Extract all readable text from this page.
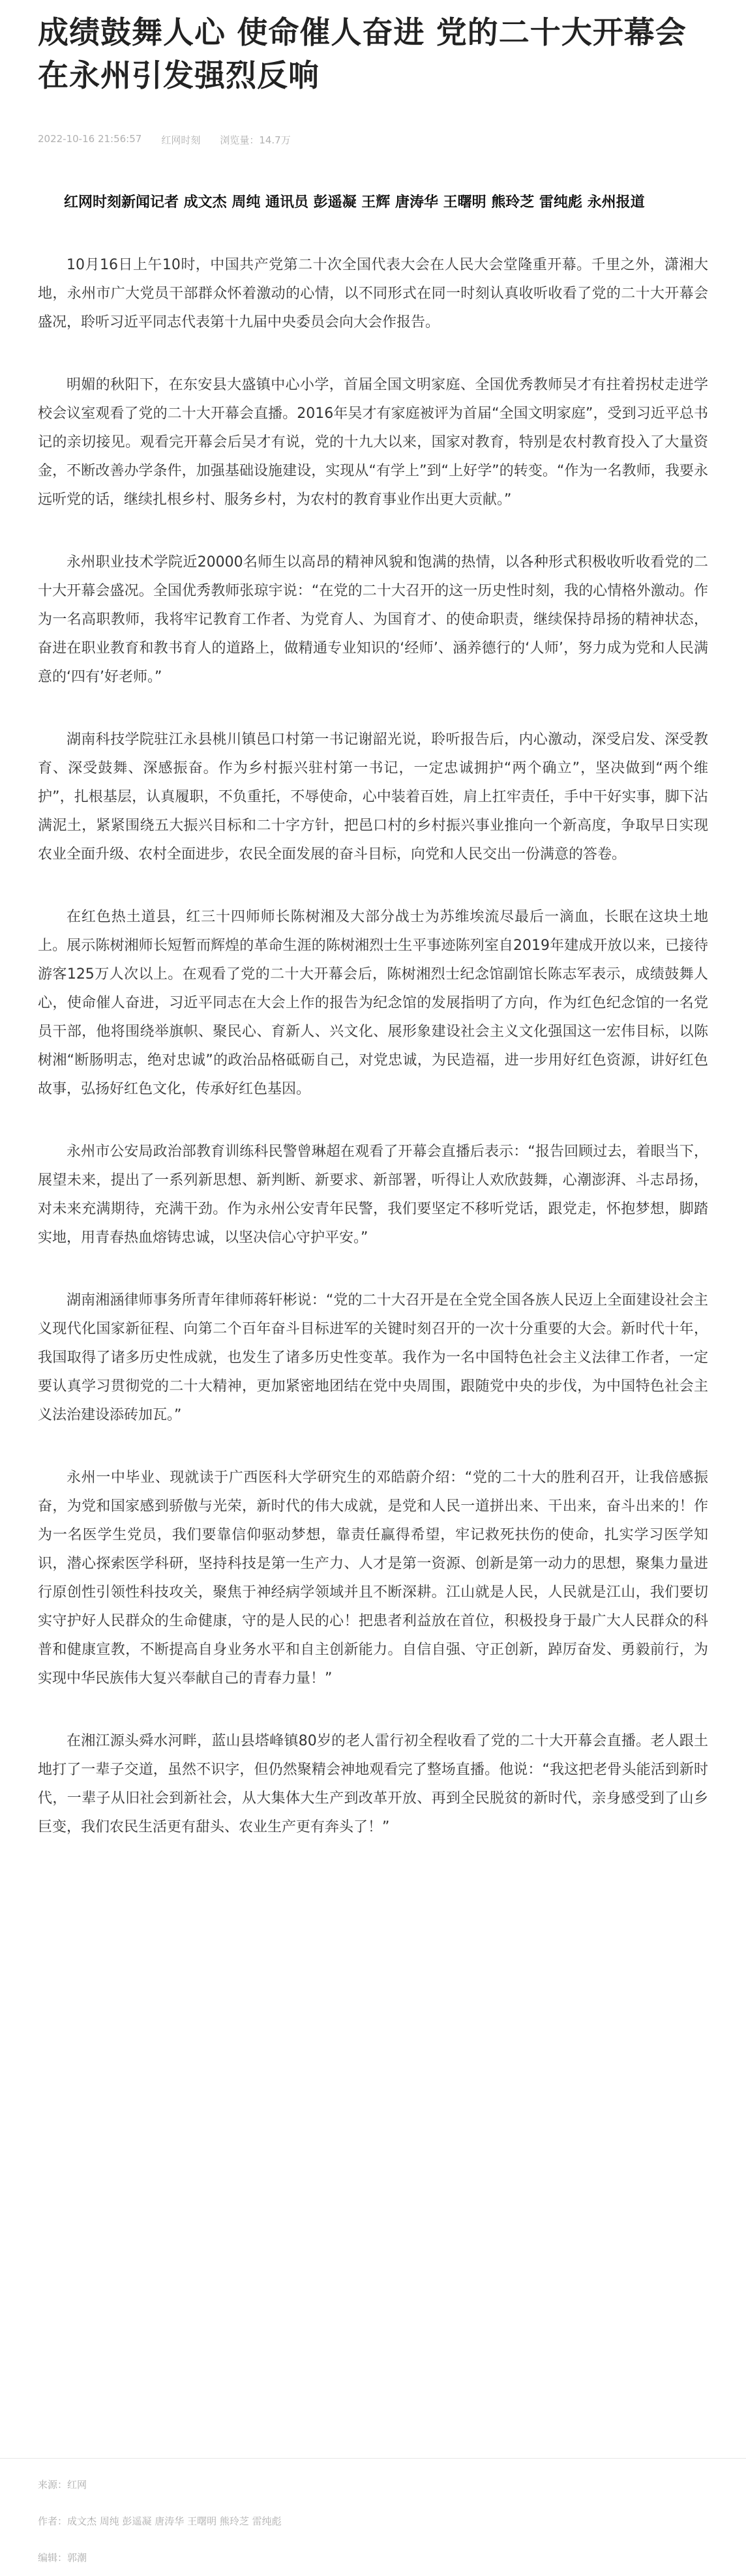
成绩鼓舞人心 使命催人奋进 党的二十大开幕会在永州引发强烈反响
2022-10-16 21:56:57 红网时刻 浏览量：14.7万
红网时刻新闻记者 成文杰 周纯 通讯员 彭遥凝 王辉 唐涛华 王曙明 熊玲芝 雷纯彪 永州报道

10月16日上午10时，中国共产党第二十次全国代表大会在人民大会堂隆重开幕。千里之外，潇湘大地，永州市广大党员干部群众怀着激动的心情，以不同形式在同一时刻认真收听收看了党的二十大开幕会盛况，聆听习近平同志代表第十九届中央委员会向大会作报告。

明媚的秋阳下，在东安县大盛镇中心小学，首届全国文明家庭、全国优秀教师吴才有拄着拐杖走进学校会议室观看了党的二十大开幕会直播。2016年吴才有家庭被评为首届“全国文明家庭”，受到习近平总书记的亲切接见。观看完开幕会后吴才有说，党的十九大以来，国家对教育，特别是农村教育投入了大量资金，不断改善办学条件，加强基础设施建设，实现从“有学上”到“上好学”的转变。“作为一名教师，我要永远听党的话，继续扎根乡村、服务乡村，为农村的教育事业作出更大贡献。”

永州职业技术学院近20000名师生以高昂的精神风貌和饱满的热情，以各种形式积极收听收看党的二十大开幕会盛况。全国优秀教师张琼宇说：“在党的二十大召开的这一历史性时刻，我的心情格外激动。作为一名高职教师，我将牢记教育工作者、为党育人、为国育才、的使命职责，继续保持昂扬的精神状态，奋进在职业教育和教书育人的道路上，做精通专业知识的‘经师’、涵养德行的‘人师’，努力成为党和人民满意的‘四有’好老师。”

湖南科技学院驻江永县桃川镇邑口村第一书记谢韶光说，聆听报告后，内心激动，深受启发、深受教育、深受鼓舞、深感振奋。作为乡村振兴驻村第一书记，一定忠诚拥护“两个确立”，坚决做到“两个维护”，扎根基层，认真履职，不负重托，不辱使命，心中装着百姓，肩上扛牢责任，手中干好实事，脚下沾满泥土，紧紧围绕五大振兴目标和二十字方针，把邑口村的乡村振兴事业推向一个新高度，争取早日实现农业全面升级、农村全面进步，农民全面发展的奋斗目标，向党和人民交出一份满意的答卷。

在红色热土道县，红三十四师师长陈树湘及大部分战士为苏维埃流尽最后一滴血，长眠在这块土地上。展示陈树湘师长短暂而辉煌的革命生涯的陈树湘烈士生平事迹陈列室自2019年建成开放以来，已接待游客125万人次以上。在观看了党的二十大开幕会后，陈树湘烈士纪念馆副馆长陈志军表示，成绩鼓舞人心，使命催人奋进，习近平同志在大会上作的报告为纪念馆的发展指明了方向，作为红色纪念馆的一名党员干部，他将围绕举旗帜、聚民心、育新人、兴文化、展形象建设社会主义文化强国这一宏伟目标，以陈树湘“断肠明志，绝对忠诚”的政治品格砥砺自己，对党忠诚，为民造福，进一步用好红色资源，讲好红色故事，弘扬好红色文化，传承好红色基因。

永州市公安局政治部教育训练科民警曾琳超在观看了开幕会直播后表示：“报告回顾过去，着眼当下，展望未来，提出了一系列新思想、新判断、新要求、新部署，听得让人欢欣鼓舞，心潮澎湃、斗志昂扬，对未来充满期待，充满干劲。作为永州公安青年民警，我们要坚定不移听党话，跟党走，怀抱梦想，脚踏实地，用青春热血熔铸忠诚，以坚决信心守护平安。”

湖南湘涵律师事务所青年律师蒋轩彬说：“党的二十大召开是在全党全国各族人民迈上全面建设社会主义现代化国家新征程、向第二个百年奋斗目标进军的关键时刻召开的一次十分重要的大会。新时代十年，我国取得了诸多历史性成就，也发生了诸多历史性变革。我作为一名中国特色社会主义法律工作者，一定要认真学习贯彻党的二十大精神，更加紧密地团结在党中央周围，跟随党中央的步伐，为中国特色社会主义法治建设添砖加瓦。”

永州一中毕业、现就读于广西医科大学研究生的邓皓蔚介绍：“党的二十大的胜利召开，让我倍感振奋，为党和国家感到骄傲与光荣，新时代的伟大成就，是党和人民一道拼出来、干出来，奋斗出来的！作为一名医学生党员，我们要靠信仰驱动梦想，靠责任赢得希望，牢记救死扶伤的使命，扎实学习医学知识，潜心探索医学科研，坚持科技是第一生产力、人才是第一资源、创新是第一动力的思想，聚集力量进行原创性引领性科技攻关，聚焦于神经病学领域并且不断深耕。江山就是人民，人民就是江山，我们要切实守护好人民群众的生命健康，守的是人民的心！把患者利益放在首位，积极投身于最广大人民群众的科普和健康宣教，不断提高自身业务水平和自主创新能力。自信自强、守正创新，踔厉奋发、勇毅前行，为实现中华民族伟大复兴奉献自己的青春力量！”

在湘江源头舜水河畔，蓝山县塔峰镇80岁的老人雷行初全程收看了党的二十大开幕会直播。老人跟土地打了一辈子交道，虽然不识字，但仍然聚精会神地观看完了整场直播。他说：“我这把老骨头能活到新时代，一辈子从旧社会到新社会，从大集体大生产到改革开放、再到全民脱贫的新时代，亲身感受到了山乡巨变，我们农民生活更有甜头、农业生产更有奔头了！”

来源：红网
作者：成文杰 周纯 彭遥凝 唐涛华 王曙明 熊玲芝 雷纯彪
编辑：郭潮
